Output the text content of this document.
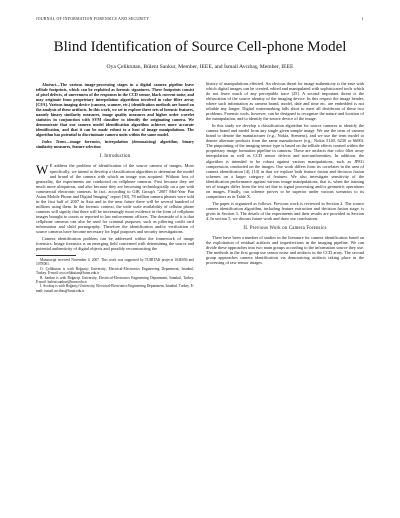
JOURNAL OF INFORMATION FORENSICS AND SECURITY	1
Blind Identification of Source Cell-phone Model
Oya Çeliktutan, Bülent Sankur, Member, IEEE, and İsmail Avcıbaş, Member, IEEE

Abstract—The various image-processing stages in a digital camera pipeline leave telltale footprints, which can be exploited as forensic signatures. These footprints consist of pixel defects, of unevenness of the responses in the CCD sensor, black current noise, and may originate from proprietary interpolation algorithms involved in color filter array [CFA]. Various imaging device (camera, scanner, etc.) identification methods are based on the analysis of these artifacts. In this work, we set to explore three sets of forensic features, namely binary similarity measures, image quality measures and higher order wavelet statistics in conjunction with SVM classifier to identify the originating camera. We demonstrate that our camera model identification algorithm achieves more accurate identification, and that it can be made robust to a host of image manipulations. The algorithm has potential to discriminate camera units within the same model.

Index Terms—image forensics, interpolation (demosaicing) algorithm, binary similarity measures, feature selection

I. Introduction

W E address the problem of identification of the source camera of images. More specifically, we intend to develop a classification algorithm to determine the model and brand of the camera with which an image was acquired. Without loss of generality, the experiments are conducted on cellphone cameras. First because they are much more ubiquitous, and also because they are becoming technologically on a par with commercial electronic cameras. In fact, according to GfK Group's "2007 Mid-Year Pan Asian Mobile Phone and Digital Imaging" report [30], 78 million camera phones were sold in the first half of 2007 in Asia and in the near future there will be several hundred of millions using them. In the forensic context, the wide scale availability of cellular phone cameras will signify that there will be increasingly more evidence in the form of cellphone images brought to courts or reported to law enforcement officers. The downside of it is that cellphone cameras can also be used for criminal purposes, such as pilfering credit card information and child pornography. Therefore the identification and/or verification of source cameras have become necessary for legal purposes and security investigations.

Camera identification problem can be addressed within the framework of image forensics. Image forensics is an emerging field concerned with determining the source and potential authenticity of digital objects and possibly reconstructing the

Manuscript received November 4, 2007. This work was supported by TUBITAK projects 104E056 and 107E001.

O. Çeliktutan is with Boğaziçi University, Electrical-Electronics Engineering Department, Istanbul, Turkey. E-mail: oya.celiktutan@boun.edu.tr

B. Sankur is with Boğaziçi University, Electrical-Electronics Engineering Department, Istanbul, Turkey. E-mail: bulent.sankur@boun.edu.tr

İ. Avcıbaş is with Boğaziçi University, Electrical-Electronics Engineering Department, Istanbul, Turkey. E-mail: ismail.avcibas@boun.edu.tr

history of manipulations effected. An obvious threat for image authenticity is the ease with which digital images can be created, edited and manipulated with sophisticated tools which do not leave much of any perceptible trace [25]. A second important threat is the obfuscation of the source identity of the imaging device. In this respect the image header, where such information as camera brand, model, date and time etc. are embedded is not reliable any longer. Digital watermarking falls short to meet all desiderata of these two problems. Forensic tools, however, can be designed to recognize the nature and location of the manipulation, and to identify the source device of the image.

In this study we develop a classification algorithm for source cameras to identify the camera brand and model from any single given sample image. We use the term of camera brand to denote the manufacturer (e.g., Nokia, Siemens), and we use the term model to denote alternate products from the same manufacturer (e.g., Nokia 5140, 6230 or 6600). The pinpointing of the imaging sensor type is based on the telltale effects created within the proprietary image formation pipeline in cameras. These are artifacts due color filter array interpolation as well as CCD sensor defects and non-uniformities. In addition, the algorithm is intended to be robust against various manipulations, such as JPEG compression, conducted on the images. Our work differs from its correlates in the area of camera identification [4], [14] in that we explore both feature fusion and decision fusion schemes on a larger category of features. We also investigate sensitivity of the identification performance against various image manipulations, that is, when the training set of images differ from the test set due to signal processing and/or geometric operations on images. Finally, our scheme proves to be superior under various scenarios to its competitors as in Table X.

The paper is organized as follows. Previous work is reviewed in Section 2. The source camera identification algorithm, including feature extraction and decision fusion stage, is given in Section 3. The details of the experiments and their results are provided in Section 4. In section 5, we discuss future work and draw our conclusions.

II. Previous Work on Camera Forensics

There have been a number of studies in the literature for camera identification based on the exploitation of residual artifacts and imperfections in the imaging pipeline. We can divide these approaches into two main groups according to the information source they use. The methods in the first group use sensor noise and artifacts in the CCD array. The second group approaches camera identification via demosaicing artifacts taking place in the processing of raw sensor images.
